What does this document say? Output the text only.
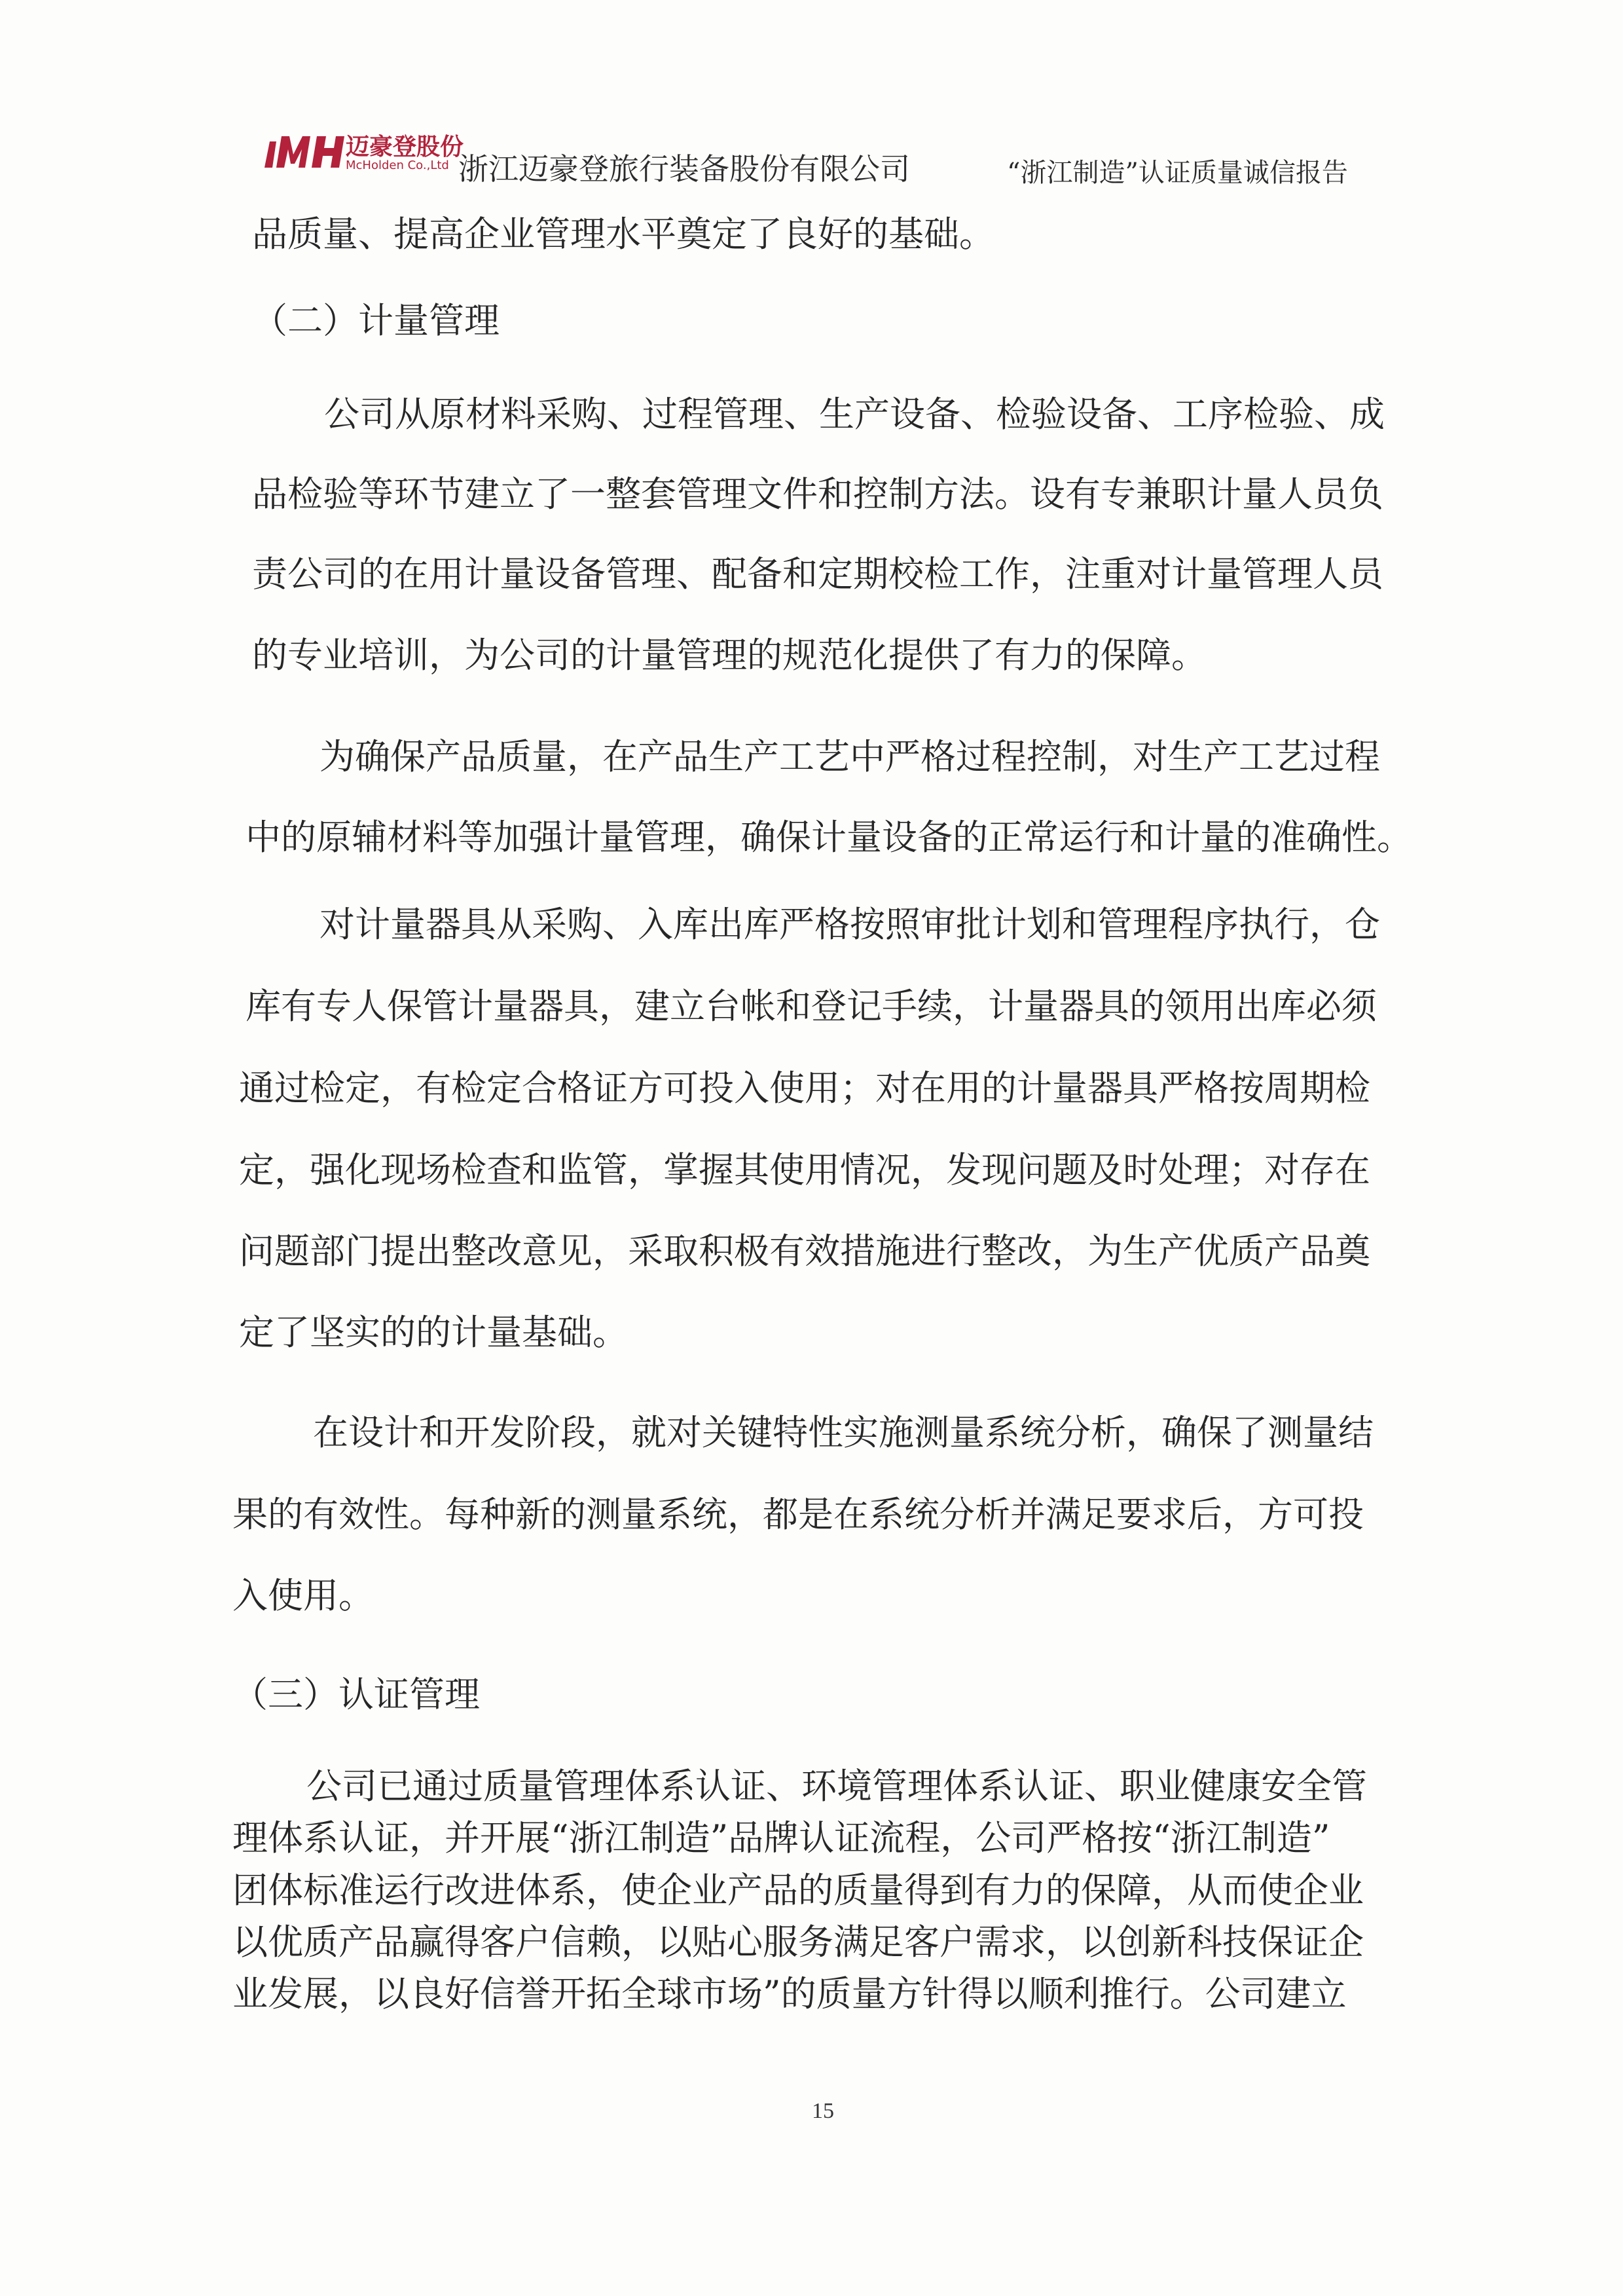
迈豪登股份
McHolden Co.,Ltd 浙江迈豪登旅行装备股份有限公司	“浙江制造”认证质量诚信报告
品质量、提高企业管理水平奠定了良好的基础。
（二）计量管理
公司从原材料采购、过程管理、生产设备、检验设备、工序检验、成
品检验等环节建立了一整套管理文件和控制方法。设有专兼职计量人员负
责公司的在用计量设备管理、配备和定期校检工作，注重对计量管理人员
的专业培训，为公司的计量管理的规范化提供了有力的保障。
为确保产品质量，在产品生产工艺中严格过程控制，对生产工艺过程
中的原辅材料等加强计量管理，确保计量设备的正常运行和计量的准确性。
对计量器具从采购、入库出库严格按照审批计划和管理程序执行，仓
库有专人保管计量器具，建立台帐和登记手续，计量器具的领用出库必须
通过检定，有检定合格证方可投入使用；对在用的计量器具严格按周期检
定，强化现场检查和监管，掌握其使用情况，发现问题及时处理；对存在
问题部门提出整改意见，采取积极有效措施进行整改，为生产优质产品奠
定了坚实的的计量基础。
在设计和开发阶段，就对关键特性实施测量系统分析，确保了测量结
果的有效性。每种新的测量系统，都是在系统分析并满足要求后，方可投
入使用。
（三）认证管理
公司已通过质量管理体系认证、环境管理体系认证、职业健康安全管
理体系认证，并开展“浙江制造”品牌认证流程，公司严格按“浙江制造”
团体标准运行改进体系，使企业产品的质量得到有力的保障，从而使企业
以优质产品赢得客户信赖，以贴心服务满足客户需求，以创新科技保证企
业发展，以良好信誉开拓全球市场”的质量方针得以顺利推行。公司建立
15
